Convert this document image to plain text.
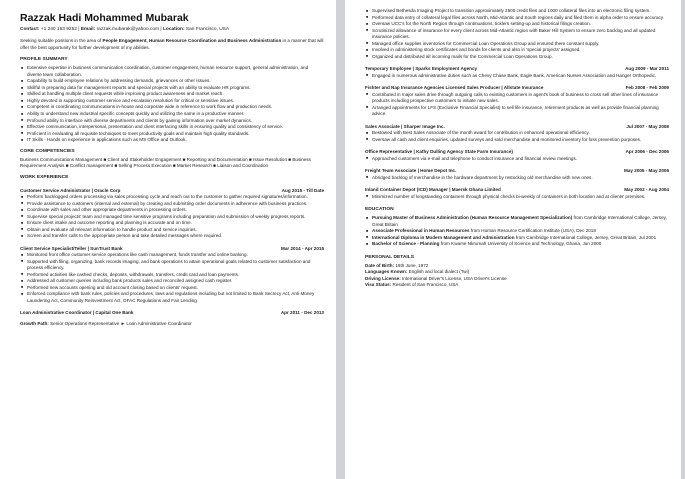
Razzak Hadi Mohammed Mubarak
Contact: +1 240 153 9252 | Email: razzak.mubarak@yahoo.com | Location: San Francisco, USA
Seeking suitable positions in the area of People Engagement, Human Resource Coordination and Business Administration in a manner that will offer the best opportunity for further development of my abilities.
PROFILE SUMMARY
■ Extensive expertise in business communication coordination, customer engagement, human resource support, general administration, and diverse team collaboration.
■ Capability to build employee relations by addressing demands, grievances or other issues.
■ Skillful in preparing data for management reports and special projects with an ability to evaluate HR programs.
■ Skilled at handling multiple client requests while improving product awareness and market reach.
■ Highly devoted in supporting customer service and escalation resolution for critical or sensitive issues.
■ Competent in coordinating communications in-house and corporate wide in reference to work flow and production needs.
■ Ability to understand new industrial specific concepts quickly and utilizing the same in a productive manner.
■ Profound ability to interface with diverse departments and clients by gaining information over market dynamics.
■ Effective communication, interpersonal, presentation and client interfacing skills in ensuring quality and consistency of service.
■ Proficient in evaluating all requisite techniques to meet productivity goals and maintain high quality standards.
■ IT Skills - Hands on experience in applications such as MS Office and Outlook.
CORE COMPETENCIES
Business Communications Management ■ Client and Stakeholder Engagement ■ Reporting and Documentation ■ Issue Resolution ■ Business Requirement Analysis ■ Conflict management ■ Selling Process Execution ■ Market Research ■ Liaison and Coordination
WORK EXPERIENCE
Customer Service Administrator | Oracle Corp	Aug 2015 - Till Date
■ Perform backlogged orders processing via sales processing cycle and reach out to the customer to gather required signatures/information.
■ Provide assistance to customers (internal and external) by creating and submitting order documents in adherence with business practices.
■ Coordinate with sales and other appropriate departments in processing orders.
■ Supervise special projects' team and managed time sensitive programs including preparation and submission of weekly progress reports.
■ Ensure client intake and outcome reporting and planning is accurate and on time.
■ Obtain and evaluate all relevant information to handle product and service inquiries.
■ Screen and transfer calls to the appropriate person and take detailed messages where required.
Client Service Specialist/Teller | SunTrust Bank	Mar 2014 - Apr 2015
■ Monitored front office customer service operations like cash management, funds transfer and online banking.
■ Supported with filing, organizing, bank records imaging, and bank operations to attain operational goals related to customer satisfaction and process efficiency.
■ Performed activities like cashed checks, deposits, withdrawals, transfers, credit card and loan payments.
■ Addressed all customer queries including bank products sales and reconciled assigned cash register.
■ Performed new accounts opening and old account closing based on clients' request.
■ Enforced compliance with bank rules, policies and procedures, laws and regulations including but not limited to Bank Secrecy Act, Anti Money Laundering Act, Community Reinvestment Act, OFAC Regulations and Fair Lending.
Loan Administrative Coordinator | Capital One Bank	Apr 2011 - Dec 2013
Growth Path: Senior Operations Representative ► Loan Administrative Coordinator
■ Supervised Bethesda Imaging Project to transition approximately 2500 credit files and 1000 collateral files into an electronic filing system.
■ Performed data entry of collateral legal files across North, Mid-Atlantic and South regions daily and filed them in alpha order to ensure accuracy.
■ Oversaw UCC's for the North Region through continuations, ticklers setting-up and historical filings creation.
■ Scrutinized allowance of insurance for every client across Mid-Atlantic region with Baker Hill System to ensure zero backlog and all updated insurance policies.
■ Managed office supplies inventories for Commercial Loan Operations Group and ensured there constant supply.
■ Involved in administering stock certificates and bonds for clients and also in 'special projects' assigned.
■ Organized and distributed all incoming mails for the Commercial Loan Operations Group.
Temporary Employee | Sparks Employment Agency	Aug 2009 - Mar 2011
■ Engaged in numerous administrative duties such as Chevy Chase Bank, Eagle Bank, American Nurses Association and Hanger Orthopedic.
Fishter and Nap Insurance Agencies Licensed Sales Producer | Allstate Insurance	Feb 2008 - Feb 2009
■ Contributed in major sales drive through outgoing calls to existing customers in agent's book of business to cross sell other lines of insurance products including prospective customers to initiate new sales.
■ Arranged appointments for LFS (Exclusive Financial Specialist) to sell life insurance, retirement products as well as provide financial planning advice.
Sales Associate | Sharper Image Inc.	Jul 2007 - May 2008
■ Bestowed with Best Sales Associate of the month award for contribution in enhanced operational efficiency.
■ Oversaw all cash and client enquiries, updated surveys and sold merchandise and monitored inventory for loss prevention purposes.
Office Representative | Kathy Dulling Agency State Farm Insurance)	Apr 2006 - Dec 2006
■ Approached customers via e-mail and telephone to conduct insurance and financial review meetings.
Freight Team Associate | Home Depot Inc.	May 2005 - May 2006
■ Abridged backlog of merchandise in the hardware department by restocking old merchandise with new ones.
Inland Container Depot (ICD) Manager | Maersk Ghana Limited	May 2002 - Aug 2004
■ Minimized number of longstanding containers through physical checks bi-weekly of containers in both location and at clients' premises.
EDUCATION
■ Pursuing Master of Business Administration (Human Resource Management Specialization) from Cambridge International College, Jersey, Great Britain
■ Associate Professional in Human Resources from Human Resource Certification Institute (USA), Dec 2018
■ International Diploma in Modern Management and Administration from Cambridge International College, Jersey, Great Britain, Jul 2001
■ Bachelor of Science - Planning from Kwame Nkrumah University of Science and Technology, Ghana, Jun 2000
PERSONAL DETAILS
Date of Birth: 18th June, 1972
Languages Known: English and local dialect (Twi)
Driving License: International Driver's License, USA Driver's License
Visa Status: Resident of San Francisco, USA
